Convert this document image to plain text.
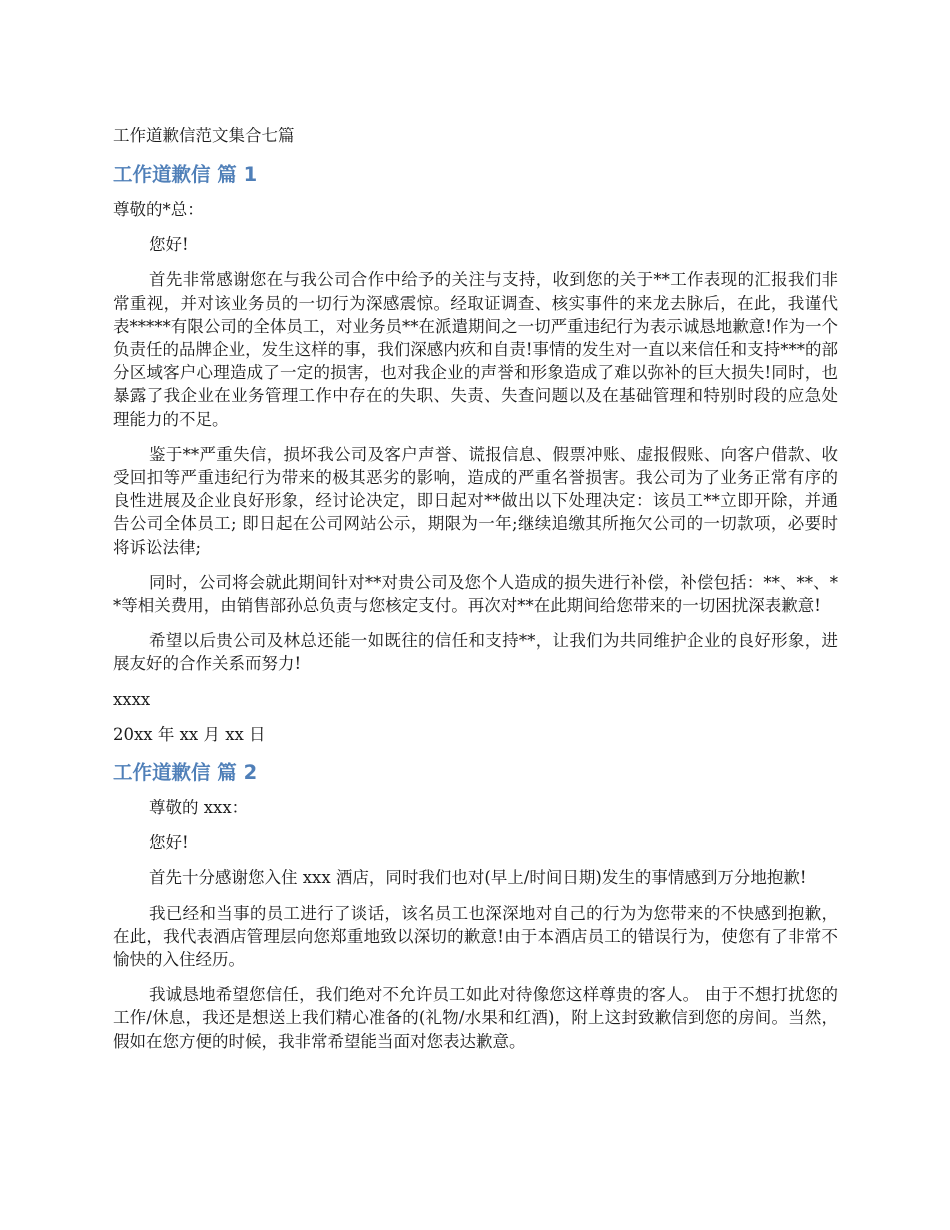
工作道歉信范文集合七篇
工作道歉信 篇 1
尊敬的*总：
您好!
首先非常感谢您在与我公司合作中给予的关注与支持，收到您的关于**工作表现的汇报我们非常重视，并对该业务员的一切行为深感震惊。经取证调查、核实事件的来龙去脉后，在此，我谨代表*****有限公司的全体员工，对业务员**在派遣期间之一切严重违纪行为表示诚恳地歉意!作为一个负责任的品牌企业，发生这样的事，我们深感内疚和自责!事情的发生对一直以来信任和支持***的部分区域客户心理造成了一定的损害，也对我企业的声誉和形象造成了难以弥补的巨大损失!同时，也暴露了我企业在业务管理工作中存在的失职、失责、失查问题以及在基础管理和特别时段的应急处理能力的不足。
鉴于**严重失信，损坏我公司及客户声誉、谎报信息、假票冲账、虚报假账、向客户借款、收受回扣等严重违纪行为带来的极其恶劣的影响，造成的严重名誉损害。我公司为了业务正常有序的良性进展及企业良好形象，经讨论决定，即日起对**做出以下处理决定：该员工**立即开除，并通告公司全体员工; 即日起在公司网站公示，期限为一年;继续追缴其所拖欠公司的一切款项，必要时将诉讼法律;
同时，公司将会就此期间针对**对贵公司及您个人造成的损失进行补偿，补偿包括：**、**、**等相关费用，由销售部孙总负责与您核定支付。再次对**在此期间给您带来的一切困扰深表歉意!
希望以后贵公司及林总还能一如既往的信任和支持**，让我们为共同维护企业的良好形象，进展友好的合作关系而努力!
xxxx
20xx 年 xx 月 xx 日
工作道歉信 篇 2
尊敬的 xxx：
您好!
首先十分感谢您入住 xxx 酒店，同时我们也对(早上/时间日期)发生的事情感到万分地抱歉!
我已经和当事的员工进行了谈话，该名员工也深深地对自己的行为为您带来的不快感到抱歉，在此，我代表酒店管理层向您郑重地致以深切的歉意!由于本酒店员工的错误行为，使您有了非常不愉快的入住经历。
我诚恳地希望您信任，我们绝对不允许员工如此对待像您这样尊贵的客人。 由于不想打扰您的工作/休息，我还是想送上我们精心准备的(礼物/水果和红酒)，附上这封致歉信到您的房间。当然，假如在您方便的时候，我非常希望能当面对您表达歉意。
